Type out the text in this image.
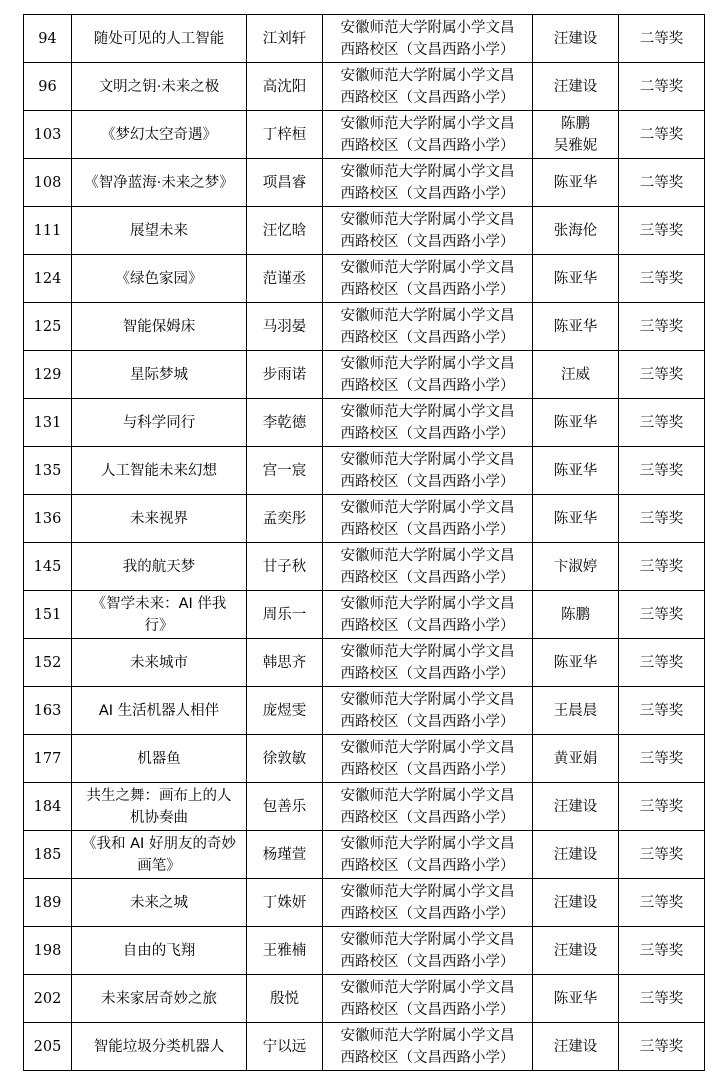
94	随处可见的人工智能	江刘轩	安徽师范大学附属小学文昌
西路校区（文昌西路小学）	汪建设	二等奖
96	文明之钥·未来之极	高沈阳	安徽师范大学附属小学文昌
西路校区（文昌西路小学）	汪建设	二等奖
103	《梦幻太空奇遇》	丁梓桓	安徽师范大学附属小学文昌
西路校区（文昌西路小学）	陈鹏
吴雅妮	二等奖
108	《智净蓝海·未来之梦》	项昌睿	安徽师范大学附属小学文昌
西路校区（文昌西路小学）	陈亚华	二等奖
111	展望未来	汪忆晗	安徽师范大学附属小学文昌
西路校区（文昌西路小学）	张海伦	三等奖
124	《绿色家园》	范谨丞	安徽师范大学附属小学文昌
西路校区（文昌西路小学）	陈亚华	三等奖
125	智能保姆床	马羽晏	安徽师范大学附属小学文昌
西路校区（文昌西路小学）	陈亚华	三等奖
129	星际梦城	步雨诺	安徽师范大学附属小学文昌
西路校区（文昌西路小学）	汪威	三等奖
131	与科学同行	李乾德	安徽师范大学附属小学文昌
西路校区（文昌西路小学）	陈亚华	三等奖
135	人工智能未来幻想	宫一宸	安徽师范大学附属小学文昌
西路校区（文昌西路小学）	陈亚华	三等奖
136	未来视界	孟奕彤	安徽师范大学附属小学文昌
西路校区（文昌西路小学）	陈亚华	三等奖
145	我的航天梦	甘子秋	安徽师范大学附属小学文昌
西路校区（文昌西路小学）	卞淑婷	三等奖
151	《智学未来：AI 伴我
行》	周乐一	安徽师范大学附属小学文昌
西路校区（文昌西路小学）	陈鹏	三等奖
152	未来城市	韩思齐	安徽师范大学附属小学文昌
西路校区（文昌西路小学）	陈亚华	三等奖
163	AI 生活机器人相伴	庞煜雯	安徽师范大学附属小学文昌
西路校区（文昌西路小学）	王晨晨	三等奖
177	机器鱼	徐敦敏	安徽师范大学附属小学文昌
西路校区（文昌西路小学）	黄亚娟	三等奖
184	共生之舞：画布上的人
机协奏曲	包善乐	安徽师范大学附属小学文昌
西路校区（文昌西路小学）	汪建设	三等奖
185	《我和 AI 好朋友的奇妙
画笔》	杨瑾萱	安徽师范大学附属小学文昌
西路校区（文昌西路小学）	汪建设	三等奖
189	未来之城	丁姝妍	安徽师范大学附属小学文昌
西路校区（文昌西路小学）	汪建设	三等奖
198	自由的飞翔	王雅楠	安徽师范大学附属小学文昌
西路校区（文昌西路小学）	汪建设	三等奖
202	未来家居奇妙之旅	殷悦	安徽师范大学附属小学文昌
西路校区（文昌西路小学）	陈亚华	三等奖
205	智能垃圾分类机器人	宁以远	安徽师范大学附属小学文昌
西路校区（文昌西路小学）	汪建设	三等奖
